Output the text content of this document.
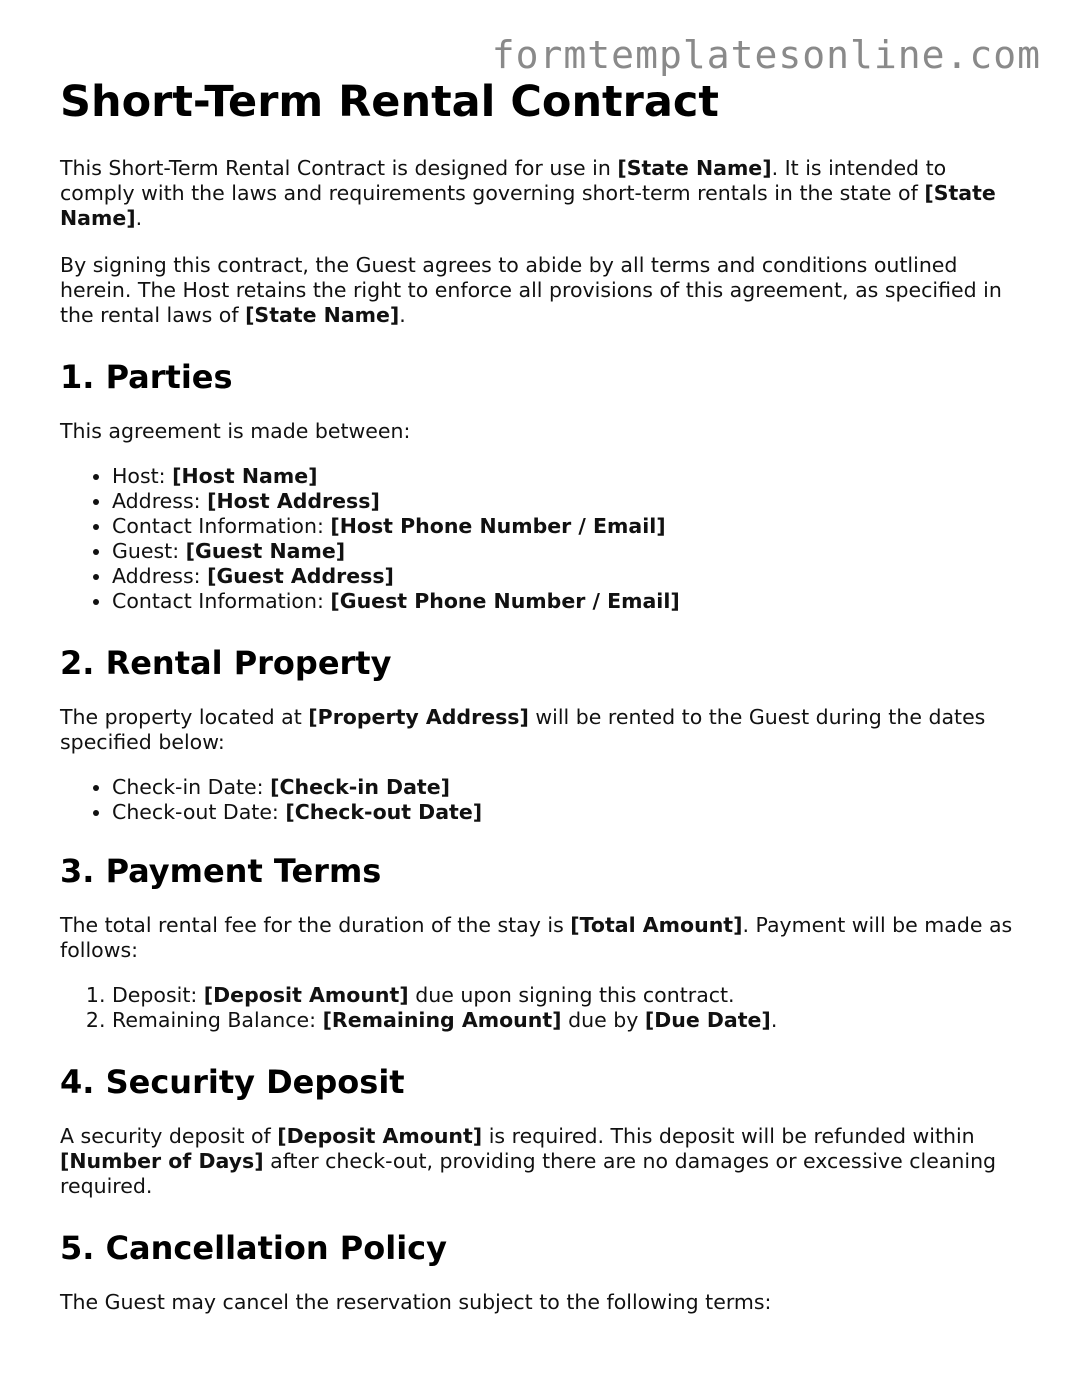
formtemplatesonline.com
Short-Term Rental Contract

This Short-Term Rental Contract is designed for use in [State Name]. It is intended to comply with the laws and requirements governing short-term rentals in the state of [State Name].

By signing this contract, the Guest agrees to abide by all terms and conditions outlined herein. The Host retains the right to enforce all provisions of this agreement, as specified in the rental laws of [State Name].

1. Parties

This agreement is made between:

• Host: [Host Name]
• Address: [Host Address]
• Contact Information: [Host Phone Number / Email]
• Guest: [Guest Name]
• Address: [Guest Address]
• Contact Information: [Guest Phone Number / Email]
2. Rental Property

The property located at [Property Address] will be rented to the Guest during the dates specified below:

• Check-in Date: [Check-in Date]
• Check-out Date: [Check-out Date]
3. Payment Terms

The total rental fee for the duration of the stay is [Total Amount]. Payment will be made as follows:

1. Deposit: [Deposit Amount] due upon signing this contract.
2. Remaining Balance: [Remaining Amount] due by [Due Date].
4. Security Deposit

A security deposit of [Deposit Amount] is required. This deposit will be refunded within [Number of Days] after check-out, providing there are no damages or excessive cleaning required.

5. Cancellation Policy

The Guest may cancel the reservation subject to the following terms:
